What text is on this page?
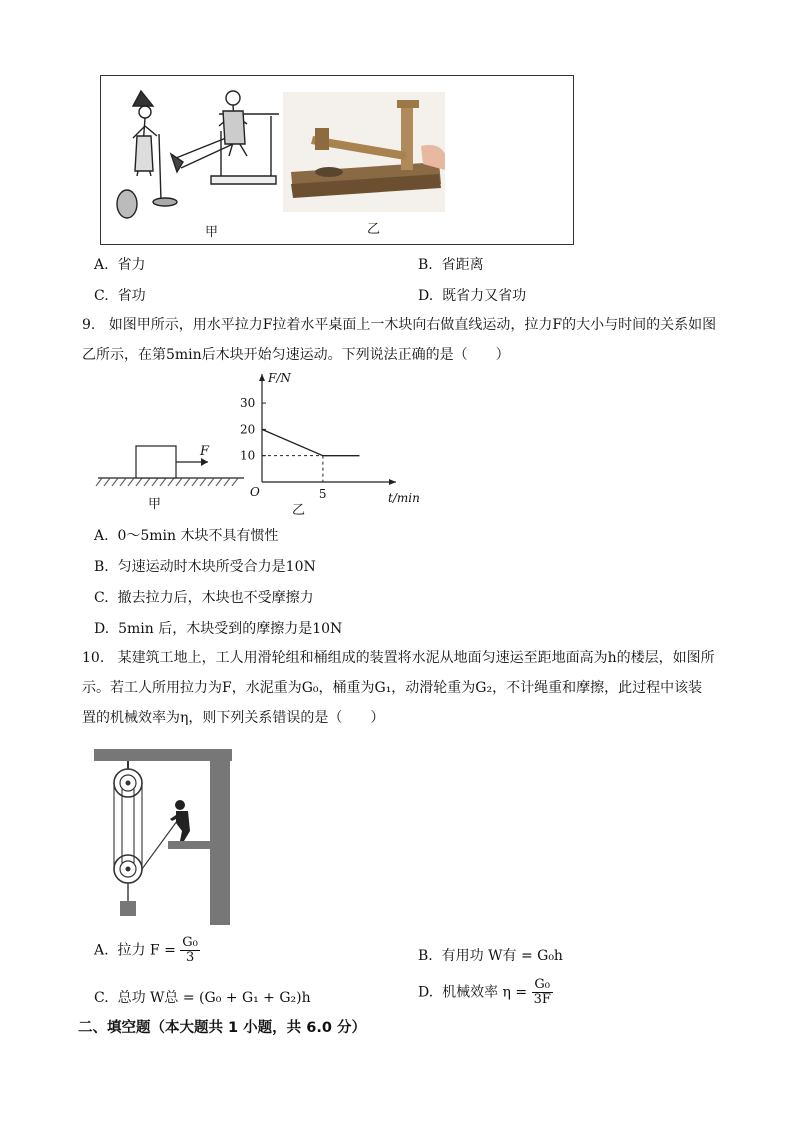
甲	乙
A. 省力	B. 省距离
C. 省功	D. 既省力又省功
9. 如图甲所示，用水平拉力F拉着水平桌面上一木块向右做直线运动，拉力F的大小与时间的关系如图
乙所示，在第5min后木块开始匀速运动。下列说法正确的是（　　）
F
甲
F/N
t/min
O
10
20
30
5
乙
A. 0～5min 木块不具有惯性
B. 匀速运动时木块所受合力是10N
C. 撤去拉力后，木块也不受摩擦力
D. 5min 后，木块受到的摩擦力是10N
10. 某建筑工地上，工人用滑轮组和桶组成的装置将水泥从地面匀速运至距地面高为h的楼层，如图所
示。若工人所用拉力为F，水泥重为G₀，桶重为G₁，动滑轮重为G₂，不计绳重和摩擦，此过程中该装
置的机械效率为η，则下列关系错误的是（　　）
A. 拉力 $F = \frac{\text{G₀}}{3}$	B. 有用功 W有 = G₀h
C. 总功 W总 = (G₀ + G₁ + G₂)h	D. 机械效率 $\eta = \frac{\text{G₀}}{3F}$
二、填空题（本大题共 1 小题，共 6.0 分）
